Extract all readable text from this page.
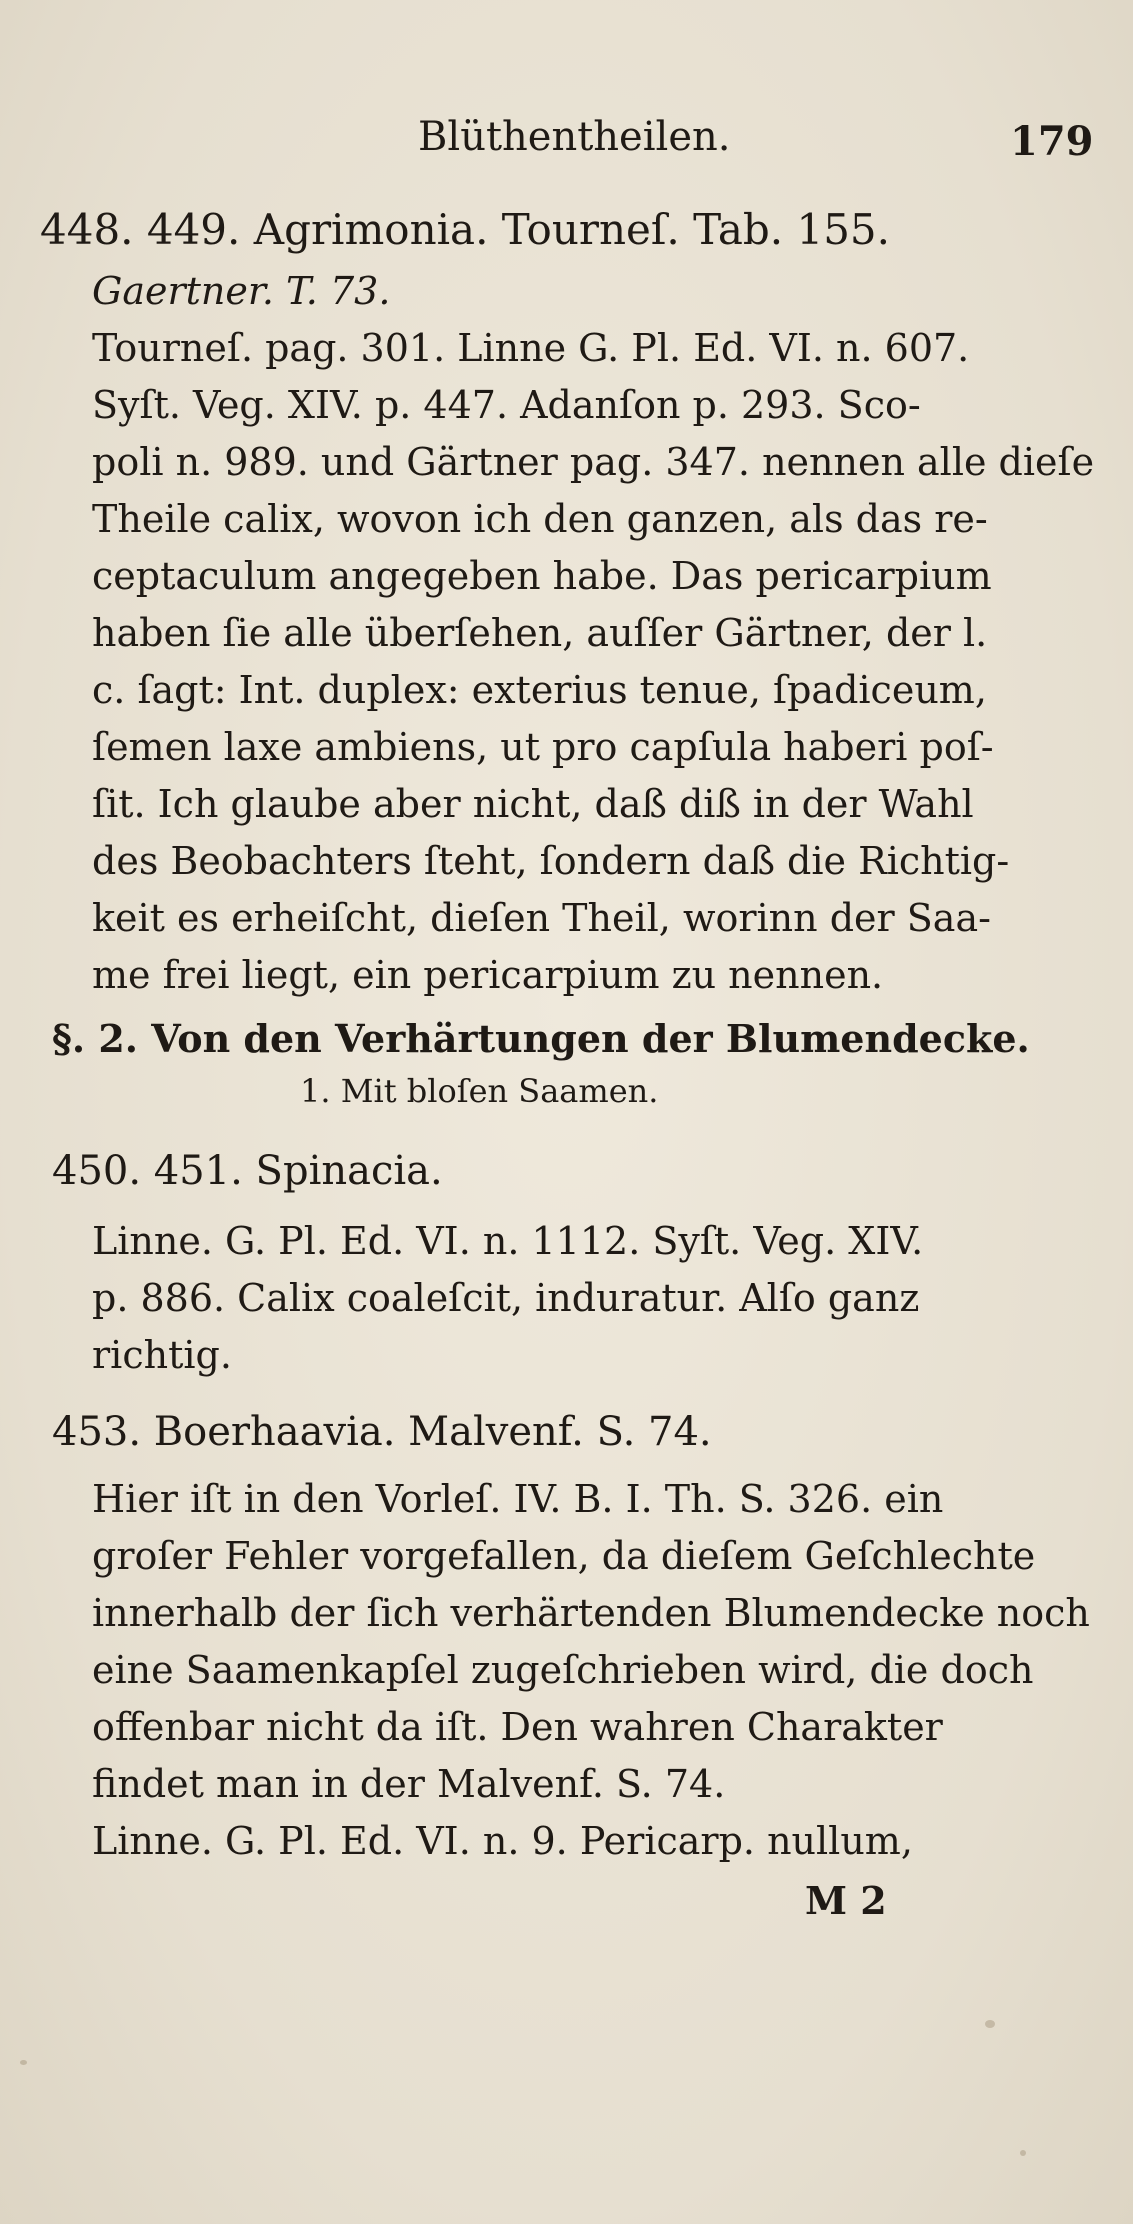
Blüthentheilen.	179
448. 449. Agrimonia. Tourneſ. Tab. 155.
Gaertner. T. 73.
Tourneſ. pag. 301. Linne G. Pl. Ed. VI. n. 607.
Syſt. Veg. XIV. p. 447. Adanſon p. 293. Sco-
poli n. 989. und Gärtner pag. 347. nennen alle dieſe
Theile calix, wovon ich den ganzen, als das re-
ceptaculum angegeben habe. Das pericarpium
haben ſie alle überſehen, auſſer Gärtner, der l.
c. ſagt: Int. duplex: exterius tenue, ſpadiceum,
ſemen laxe ambiens, ut pro capſula haberi poſ-
ſit. Ich glaube aber nicht, daß diß in der Wahl
des Beobachters ſteht, ſondern daß die Richtig-
keit es erheiſcht, dieſen Theil, worinn der Saa-
me frei liegt, ein pericarpium zu nennen.
§. 2. Von den Verhärtungen der Blumendecke.
1. Mit bloſen Saamen.
450. 451. Spinacia.
Linne. G. Pl. Ed. VI. n. 1112. Syſt. Veg. XIV.
p. 886. Calix coaleſcit, induratur. Alſo ganz
richtig.
453. Boerhaavia. Malvenf. S. 74.
Hier iſt in den Vorleſ. IV. B. I. Th. S. 326. ein
groſer Fehler vorgefallen, da dieſem Geſchlechte
innerhalb der ſich verhärtenden Blumendecke noch
eine Saamenkapſel zugeſchrieben wird, die doch
offenbar nicht da iſt. Den wahren Charakter
findet man in der Malvenf. S. 74.
Linne. G. Pl. Ed. VI. n. 9. Pericarp. nullum,
M 2
